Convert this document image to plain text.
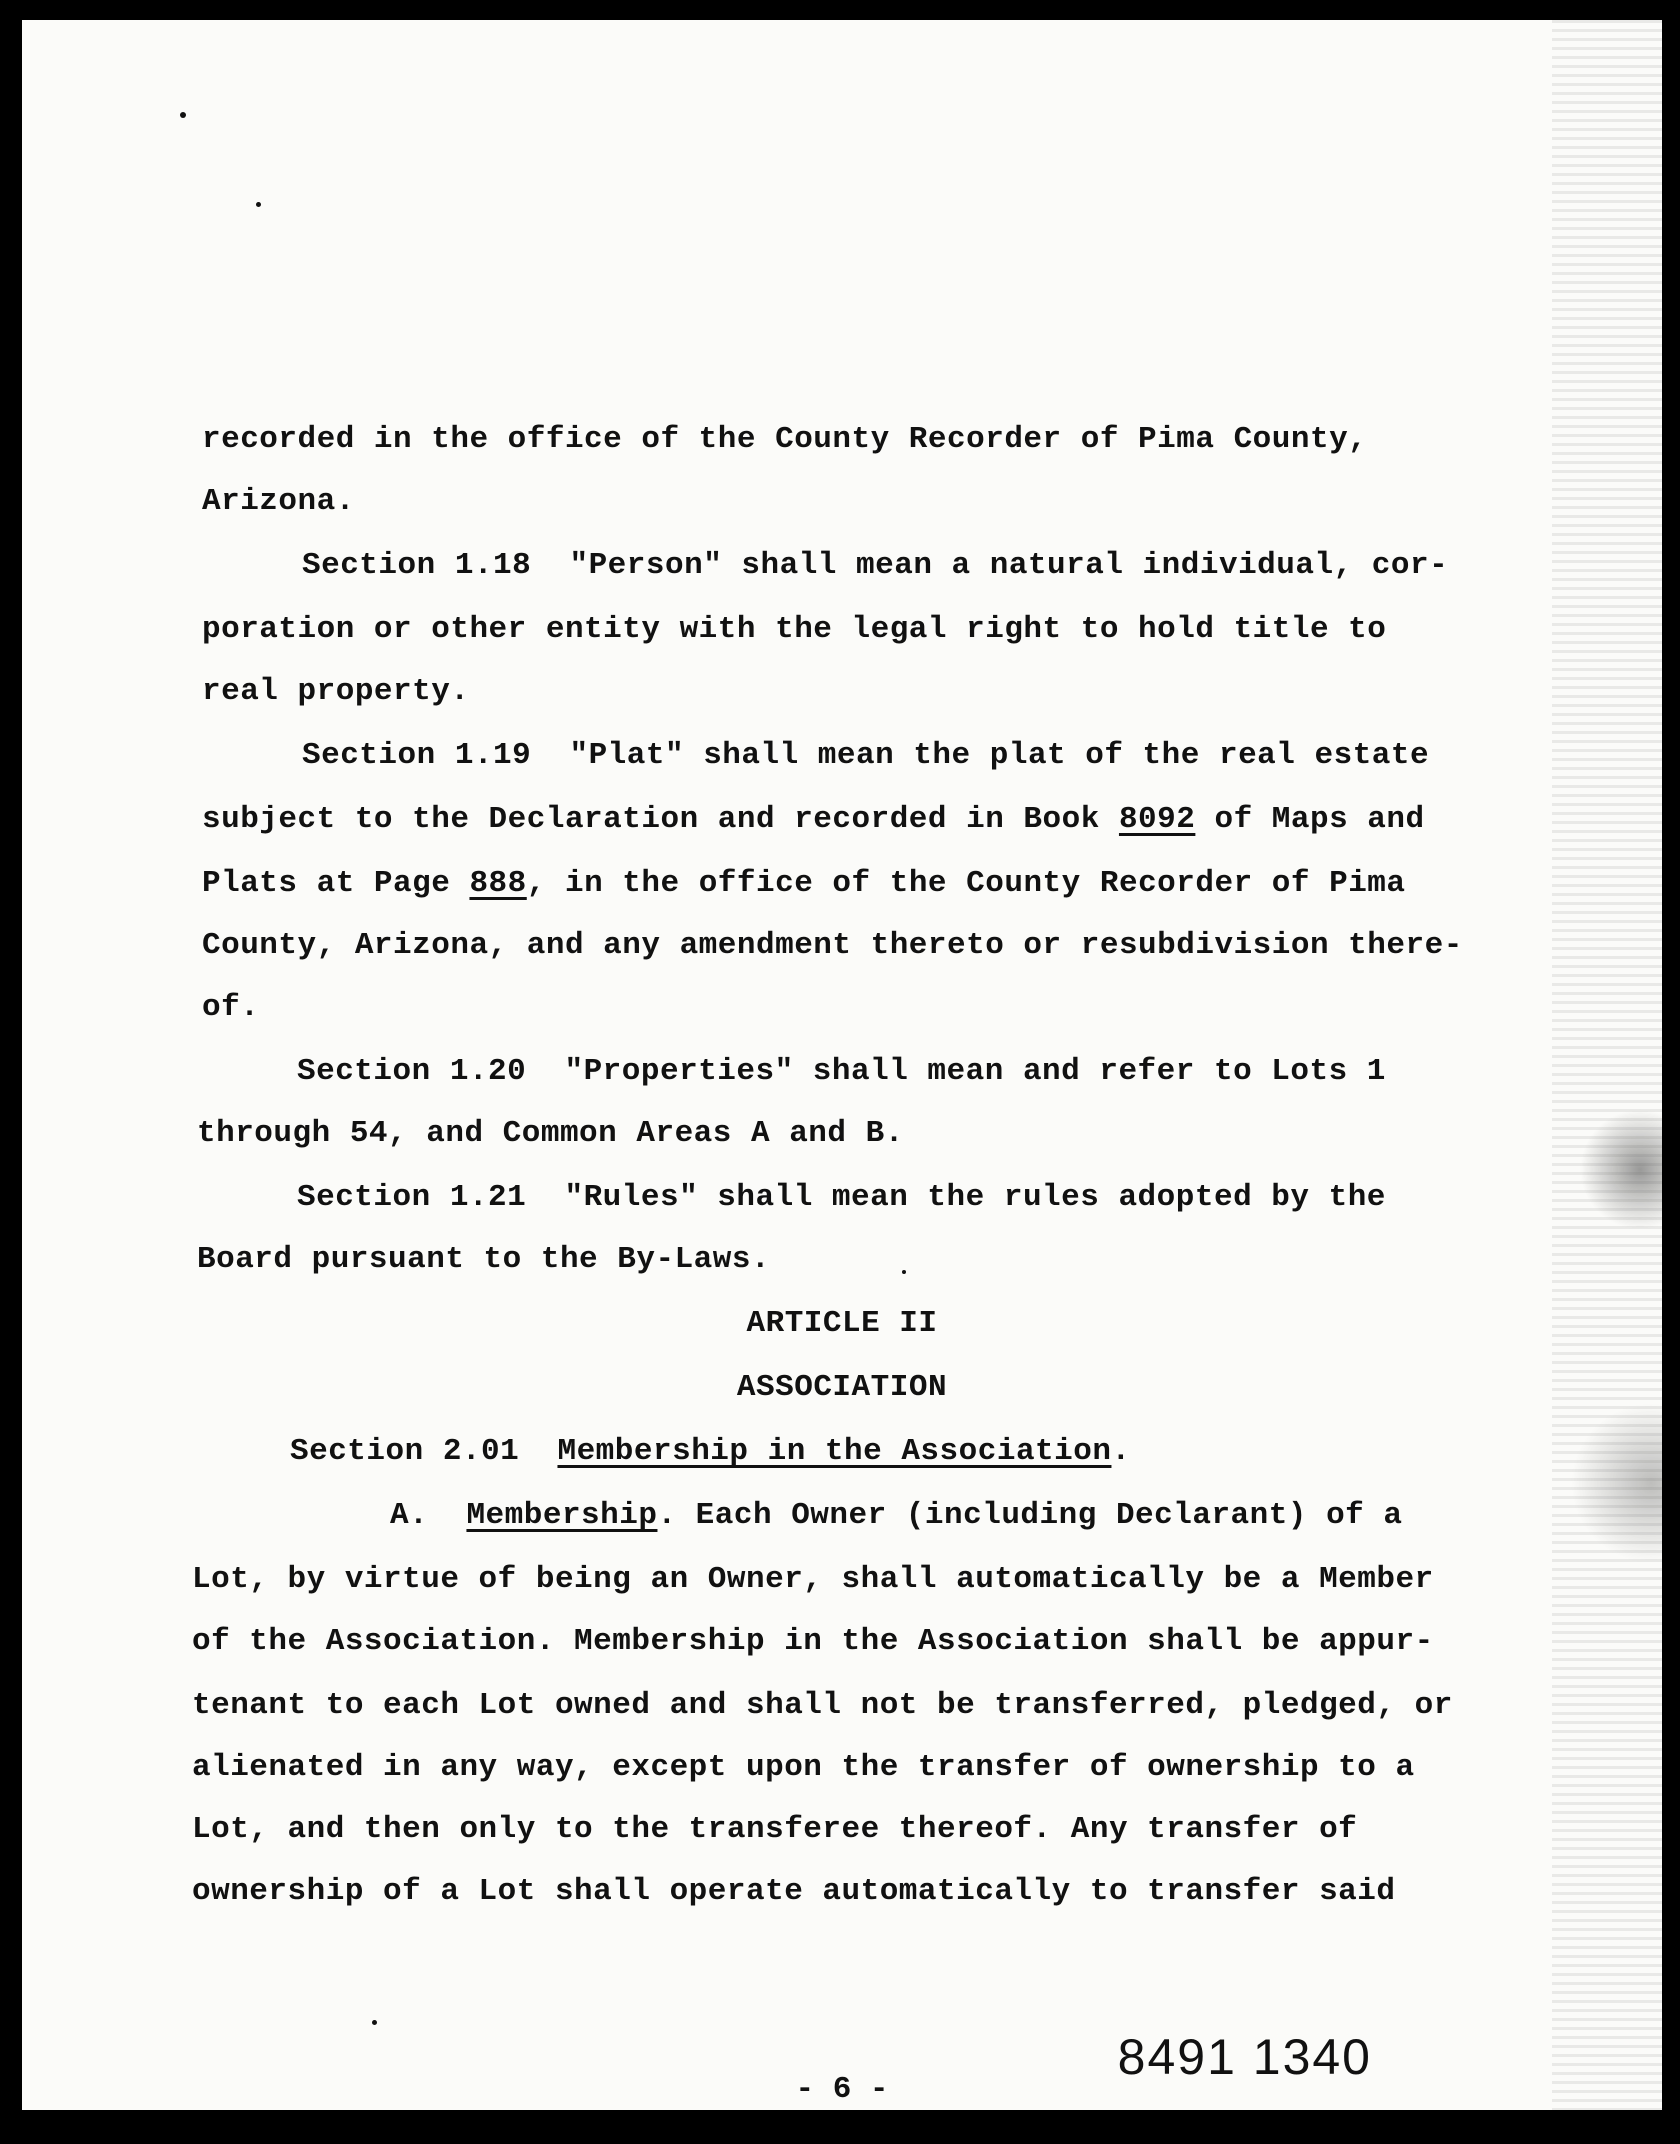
recorded in the office of the County Recorder of Pima County,
Arizona.
Section 1.18 "Person" shall mean a natural individual, cor-
poration or other entity with the legal right to hold title to
real property.
Section 1.19 "Plat" shall mean the plat of the real estate
subject to the Declaration and recorded in Book 8092 of Maps and
Plats at Page 888, in the office of the County Recorder of Pima
County, Arizona, and any amendment thereto or resubdivision there-
of.
Section 1.20 "Properties" shall mean and refer to Lots 1
through 54, and Common Areas A and B.
Section 1.21 "Rules" shall mean the rules adopted by the
Board pursuant to the By-Laws.
ARTICLE II
ASSOCIATION
Section 2.01 Membership in the Association.
A. Membership. Each Owner (including Declarant) of a
Lot, by virtue of being an Owner, shall automatically be a Member
of the Association. Membership in the Association shall be appur-
tenant to each Lot owned and shall not be transferred, pledged, or
alienated in any way, except upon the transfer of ownership to a
Lot, and then only to the transferee thereof. Any transfer of
ownership of a Lot shall operate automatically to transfer said
8491 1340
- 6 -
